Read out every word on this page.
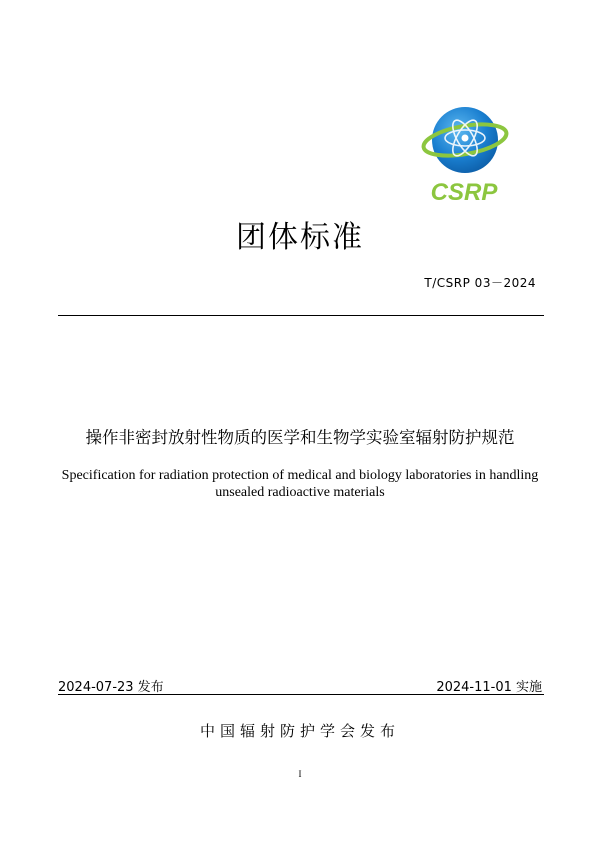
CSRP
团体标准
T/CSRP 03－2024
操作非密封放射性物质的医学和生物学实验室辐射防护规范
Specification for radiation protection of medical and biology laboratories in handling
unsealed radioactive materials
2024-07-23 发布	2024-11-01 实施
中国辐射防护学会发布
I
